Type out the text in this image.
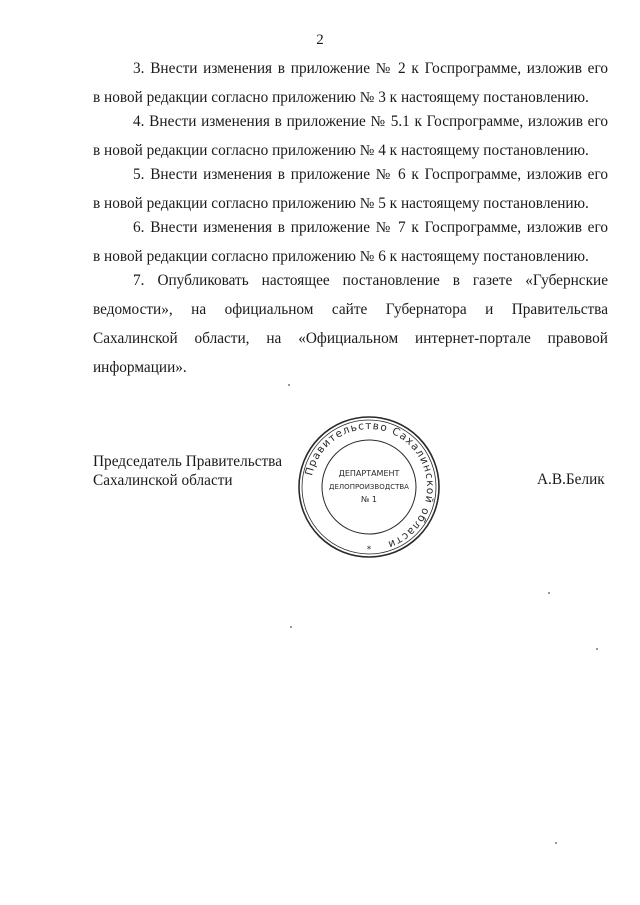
2
3. Внести изменения в приложение № 2 к Госпрограмме, изложив его
в новой редакции согласно приложению № 3 к настоящему постановлению.
4. Внести изменения в приложение № 5.1 к Госпрограмме, изложив его
в новой редакции согласно приложению № 4 к настоящему постановлению.
5. Внести изменения в приложение № 6 к Госпрограмме, изложив его
в новой редакции согласно приложению № 5 к настоящему постановлению.
6. Внести изменения в приложение № 7 к Госпрограмме, изложив его
в новой редакции согласно приложению № 6 к настоящему постановлению.
7. Опубликовать настоящее постановление в газете «Губернские
ведомости», на официальном сайте Губернатора и Правительства
Сахалинской области, на «Официальном интернет-портале правовой
информации».
Председатель Правительства
Сахалинской области	А.В.Белик
Правительство Сахалинской области
ДЕПАРТАМЕНТ
ДЕЛОПРОИЗВОДСТВА
№ 1
*
